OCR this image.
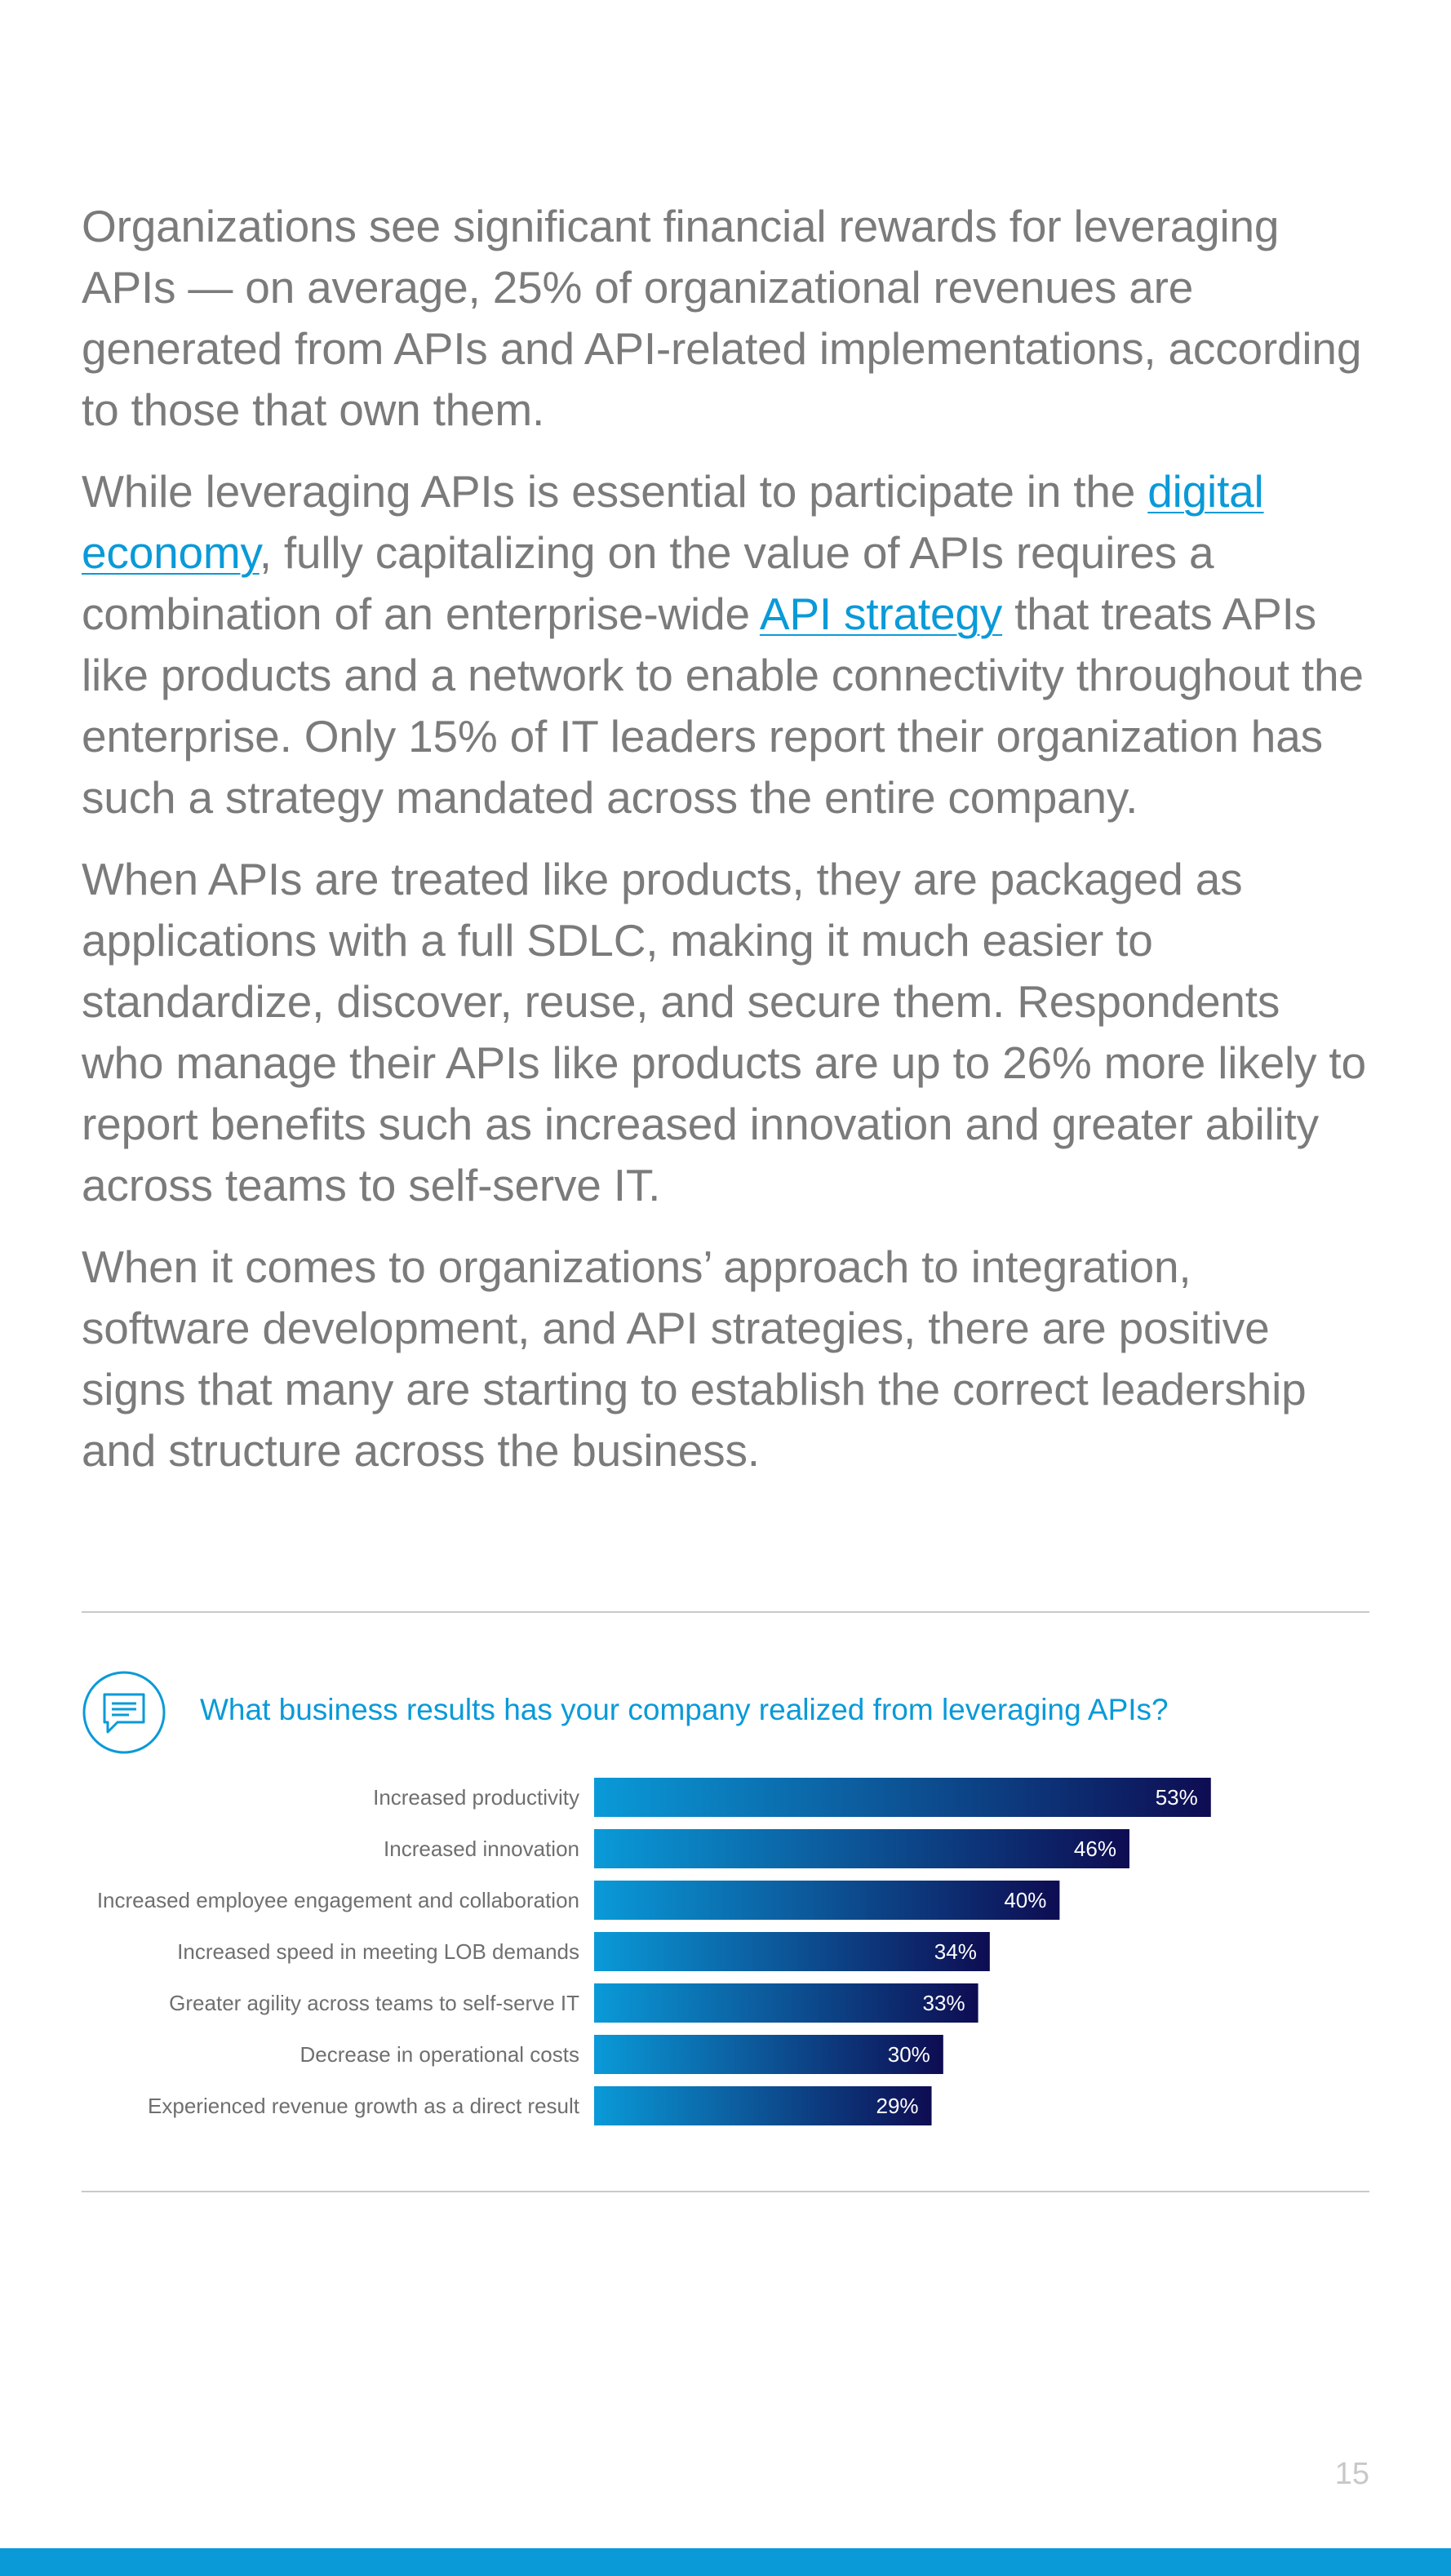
Organizations see significant financial rewards for leveraging APIs — on average, 25% of organizational revenues are generated from APIs and API-related implementations, according to those that own them.

While leveraging APIs is essential to participate in the digital economy, fully capitalizing on the value of APIs requires a combination of an enterprise-wide API strategy that treats APIs like products and a network to enable connectivity throughout the enterprise. Only 15% of IT leaders report their organization has such a strategy mandated across the entire company.

When APIs are treated like products, they are packaged as applications with a full SDLC, making it much easier to standardize, discover, reuse, and secure them. Respondents who manage their APIs like products are up to 26% more likely to report benefits such as increased innovation and greater ability across teams to self-serve IT.

When it comes to organizations’ approach to integration, software development, and API strategies, there are positive signs that many are starting to establish the correct leadership and structure across the business.

What business results has your company realized from leveraging APIs?
Increased productivity	53%
Increased innovation	46%
Increased employee engagement and collaboration	40%
Increased speed in meeting LOB demands	34%
Greater agility across teams to self-serve IT	33%
Decrease in operational costs	30%
Experienced revenue growth as a direct result	29%
15
